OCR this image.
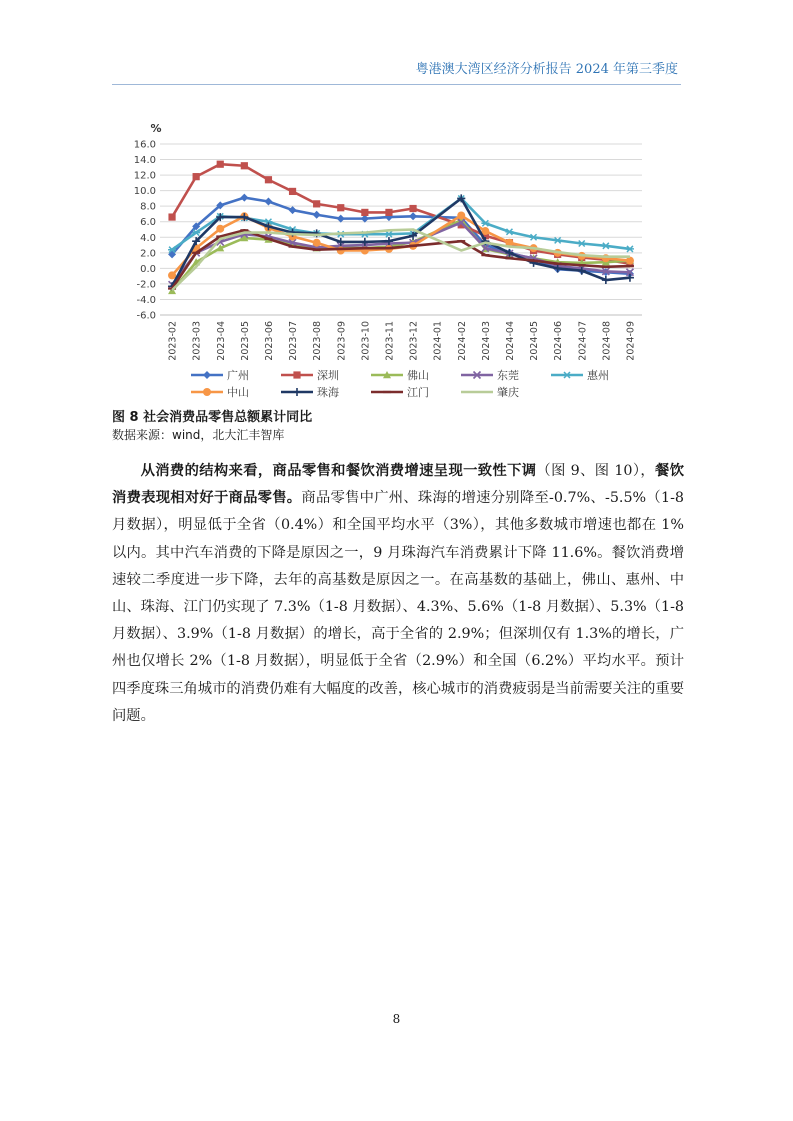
粤港澳大湾区经济分析报告 2024 年第三季度
%
16.0
14.0
12.0
10.0
8.0
6.0
4.0
2.0
0.0
-2.0
-4.0
-6.0
2023-02 2023-03 2023-04 2023-05 2023-06 2023-07 2023-08 2023-09 2023-10 2023-11 2023-12 2024-01 2024-02 2024-03 2024-04 2024-05 2024-06 2024-07 2024-08 2024-09
广州	深圳	佛山	东莞	惠州
中山	珠海	江门	肇庆
图 8 社会消费品零售总额累计同比
数据来源：wind，北大汇丰智库

从消费的结构来看，商品零售和餐饮消费增速呈现一致性下调（图 9、图 10），餐饮消费表现相对好于商品零售。商品零售中广州、珠海的增速分别降至-0.7%、-5.5%（1-8 月数据），明显低于全省（0.4%）和全国平均水平（3%），其他多数城市增速也都在 1%以内。其中汽车消费的下降是原因之一，9 月珠海汽车消费累计下降 11.6%。餐饮消费增速较二季度进一步下降，去年的高基数是原因之一。在高基数的基础上，佛山、惠州、中山、珠海、江门仍实现了 7.3%（1-8 月数据）、4.3%、5.6%（1-8 月数据）、5.3%（1-8 月数据）、3.9%（1-8 月数据）的增长，高于全省的 2.9%；但深圳仅有 1.3%的增长，广州也仅增长 2%（1-8 月数据），明显低于全省（2.9%）和全国（6.2%）平均水平。预计四季度珠三角城市的消费仍难有大幅度的改善，核心城市的消费疲弱是当前需要关注的重要问题。

8
